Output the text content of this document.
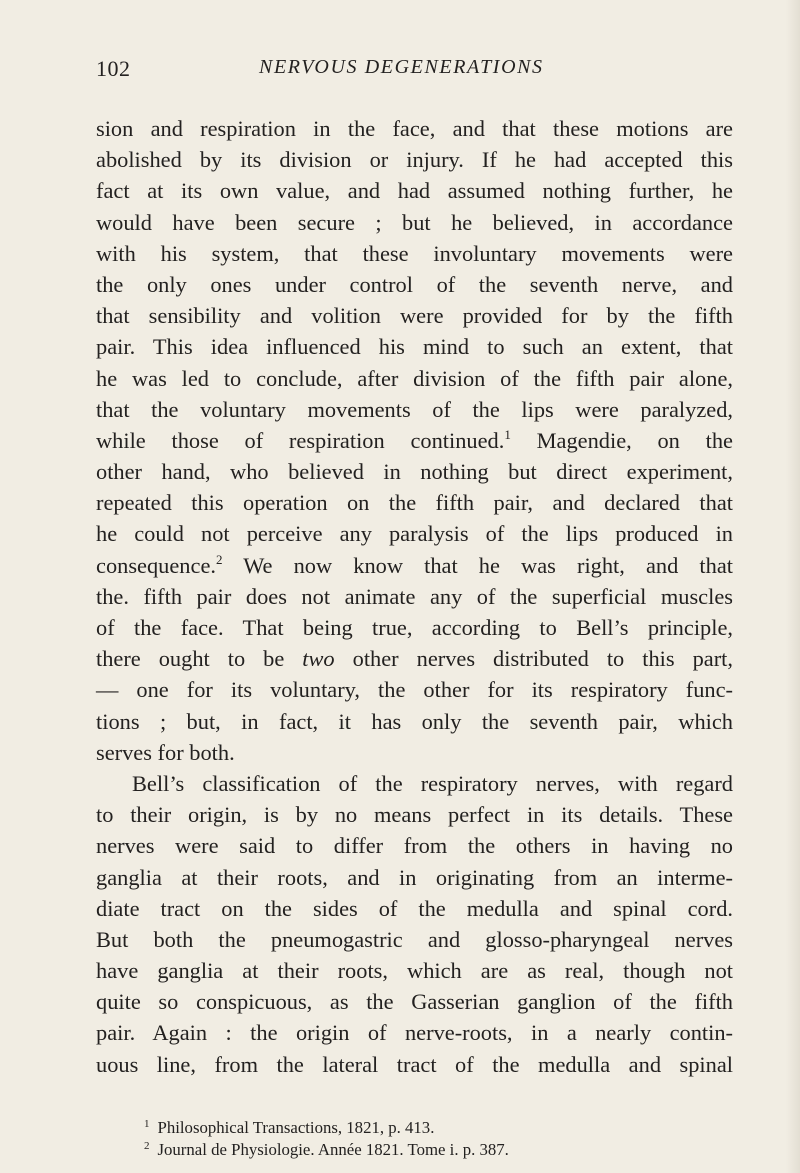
102	NERVOUS DEGENERATIONS
sion and respiration in the face, and that these motions are
abolished by its division or injury. If he had accepted this
fact at its own value, and had assumed nothing further, he
would have been secure ; but he believed, in accordance
with his system, that these involuntary movements were
the only ones under control of the seventh nerve, and
that sensibility and volition were provided for by the fifth
pair. This idea influenced his mind to such an extent, that
he was led to conclude, after division of the fifth pair alone,
that the voluntary movements of the lips were paralyzed,
while those of respiration continued.$^1$ Magendie, on the
other hand, who believed in nothing but direct experiment,
repeated this operation on the fifth pair, and declared that
he could not perceive any paralysis of the lips produced in
consequence.$^2$ We now know that he was right, and that
the. fifth pair does not animate any of the superficial muscles
of the face. That being true, according to Bell’s principle,
there ought to be two other nerves distributed to this part,
— one for its voluntary, the other for its respiratory func-
tions ; but, in fact, it has only the seventh pair, which
serves for both.
Bell’s classification of the respiratory nerves, with regard
to their origin, is by no means perfect in its details. These
nerves were said to differ from the others in having no
ganglia at their roots, and in originating from an interme-
diate tract on the sides of the medulla and spinal cord.
But both the pneumogastric and glosso-pharyngeal nerves
have ganglia at their roots, which are as real, though not
quite so conspicuous, as the Gasserian ganglion of the fifth
pair. Again : the origin of nerve-roots, in a nearly contin-
uous line, from the lateral tract of the medulla and spinal
$^1$ Philosophical Transactions, 1821, p. 413.
$^2$ Journal de Physiologie. Année 1821. Tome i. p. 387.
